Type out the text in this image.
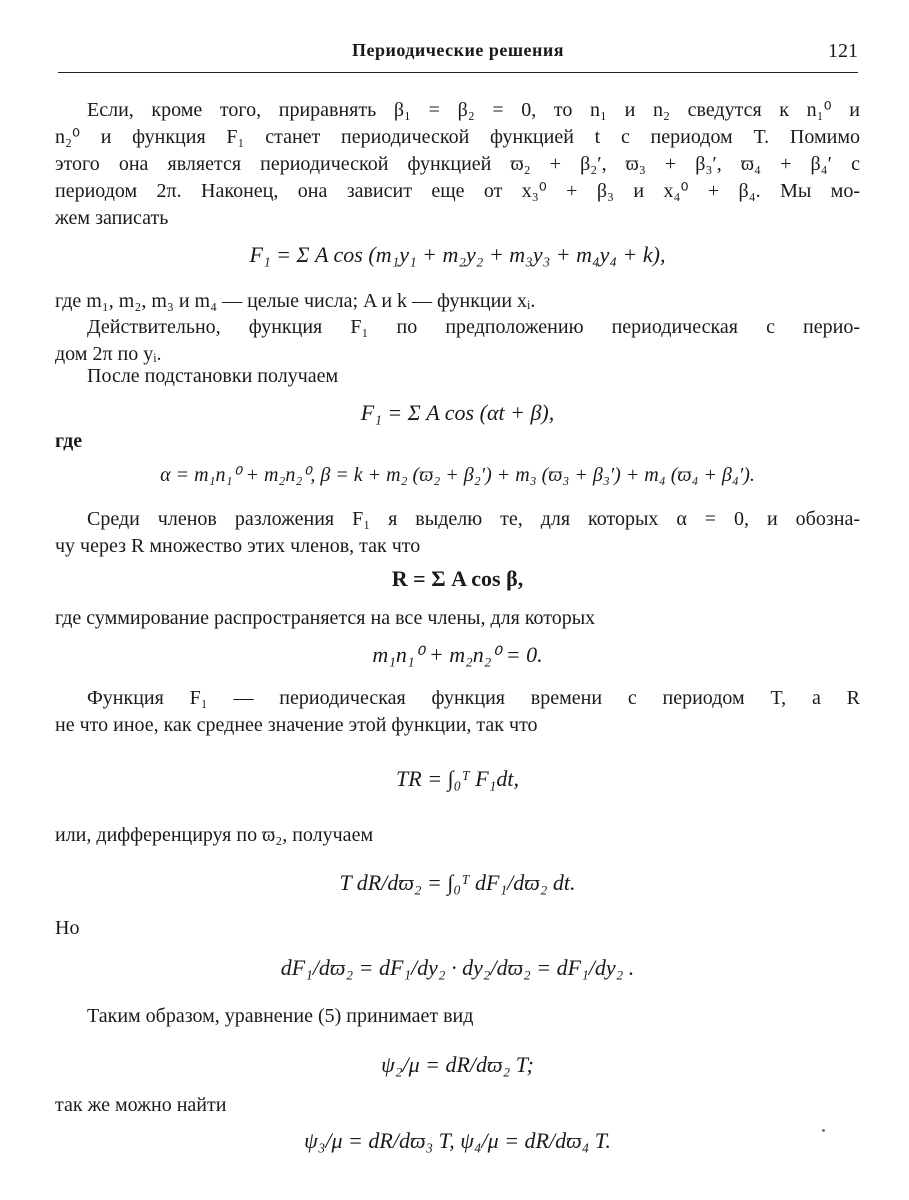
Периодические решения	121

Если, кроме того, приравнять β₁ = β₂ = 0, то n₁ и n₂ сведутся к n₁⁰ и
n₂⁰ и функция F₁ станет периодической функцией t с периодом T. Помимо
этого она является периодической функцией ϖ₂ + β₂′, ϖ₃ + β₃′, ϖ₄ + β₄′ с
периодом 2π. Наконец, она зависит еще от x₃⁰ + β₃ и x₄⁰ + β₄. Мы мо-
жем записать

F₁ = Σ A cos (m₁y₁ + m₂y₂ + m₃y₃ + m₄y₄ + k),

где m₁, m₂, m₃ и m₄ — целые числа; A и k — функции xᵢ.

Действительно, функция F₁ по предположению периодическая с перио-
дом 2π по yᵢ.

После подстановки получаем

F₁ = Σ A cos (αt + β),
где
α = m₁n₁⁰ + m₂n₂⁰, β = k + m₂ (ϖ₂ + β₂′) + m₃ (ϖ₃ + β₃′) + m₄ (ϖ₄ + β₄′).

Среди членов разложения F₁ я выделю те, для которых α = 0, и обозна-
чу через R множество этих членов, так что

R = Σ A cos β,

где суммирование распространяется на все члены, для которых

m₁n₁⁰ + m₂n₂⁰ = 0.

Функция F₁ — периодическая функция времени с периодом T, а R
не что иное, как среднее значение этой функции, так что

TR = ∫₀ᵀ F₁dt,

или, дифференцируя по ϖ₂, получаем

T dR/dϖ₂ = ∫₀ᵀ dF₁/dϖ₂ dt.

Но

dF₁/dϖ₂ = dF₁/dy₂ · dy₂/dϖ₂ = dF₁/dy₂ .

Таким образом, уравнение (5) принимает вид

ψ₂/μ = dR/dϖ₂ T;

так же можно найти

ψ₃/μ = dR/dϖ₃ T, ψ₄/μ = dR/dϖ₄ T.
